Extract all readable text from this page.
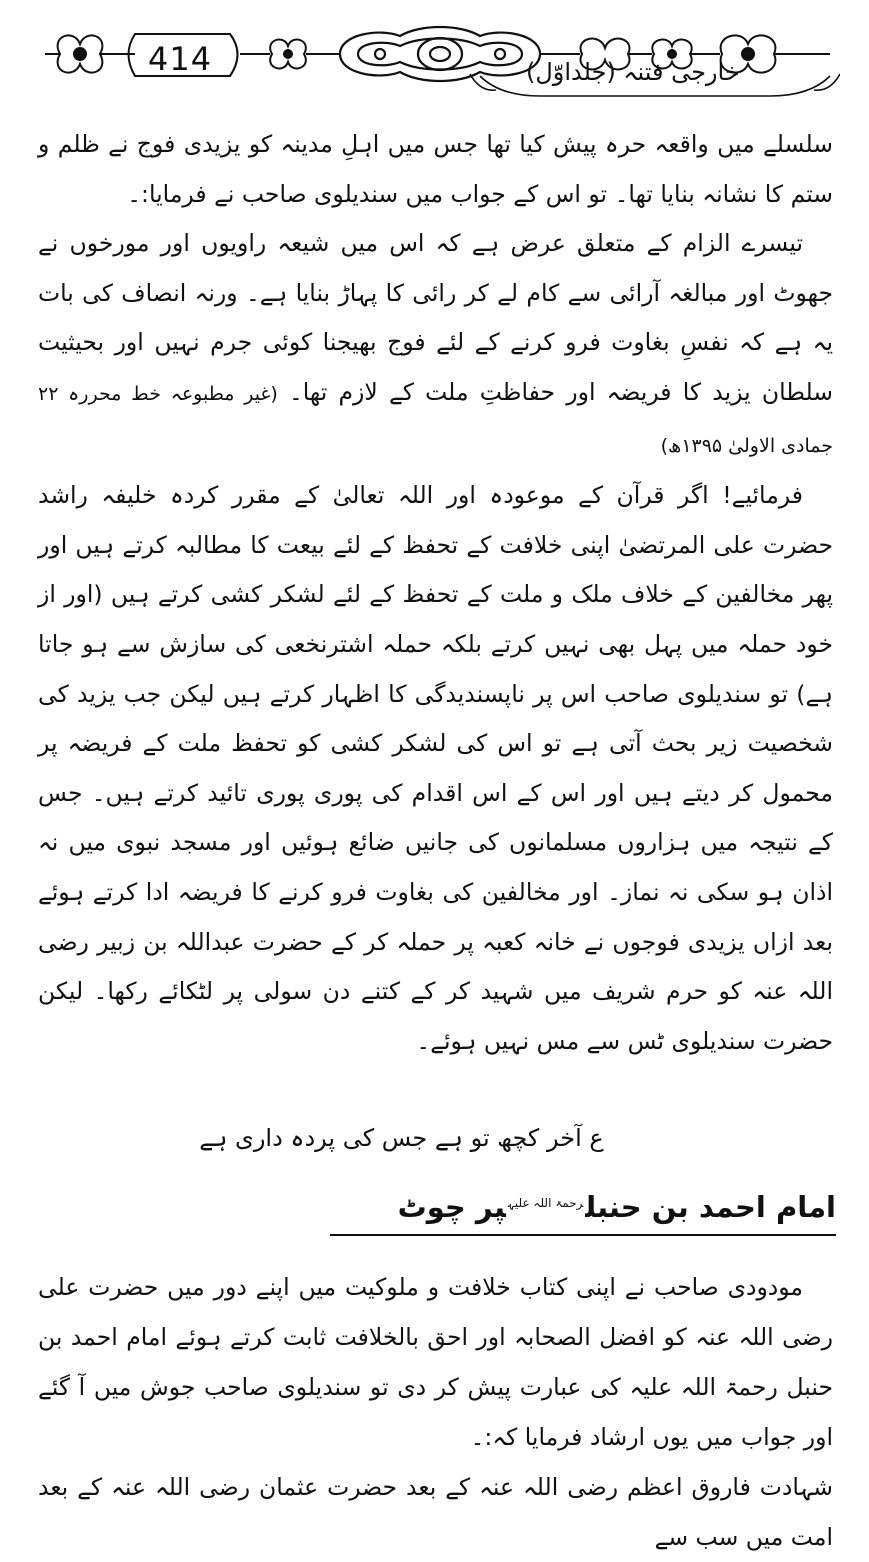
414	خارجی فتنہ (جلداوّل)

سلسلے میں واقعہ حرہ پیش کیا تھا جس میں اہلِ مدینہ کو یزیدی فوج نے ظلم و ستم کا نشانہ بنایا تھا۔ تو اس کے جواب میں سندیلوی صاحب نے فرمایا:۔

تیسرے الزام کے متعلق عرض ہے کہ اس میں شیعہ راویوں اور مورخوں نے جھوٹ اور مبالغہ آرائی سے کام لے کر رائی کا پہاڑ بنایا ہے۔ ورنہ انصاف کی بات یہ ہے کہ نفسِ بغاوت فرو کرنے کے لئے فوج بھیجنا کوئی جرم نہیں اور بحیثیت سلطان یزید کا فریضہ اور حفاظتِ ملت کے لازم تھا۔ (غیر مطبوعہ خط محررہ ۲۲ جمادی الاولیٰ ۱۳۹۵ھ)

فرمائیے! اگر قرآن کے موعودہ اور اللہ تعالیٰ کے مقرر کردہ خلیفہ راشد حضرت علی المرتضیٰ اپنی خلافت کے تحفظ کے لئے بیعت کا مطالبہ کرتے ہیں اور پھر مخالفین کے خلاف ملک و ملت کے تحفظ کے لئے لشکر کشی کرتے ہیں (اور از خود حملہ میں پہل بھی نہیں کرتے بلکہ حملہ اشترنخعی کی سازش سے ہو جاتا ہے) تو سندیلوی صاحب اس پر ناپسندیدگی کا اظہار کرتے ہیں لیکن جب یزید کی شخصیت زیر بحث آتی ہے تو اس کی لشکر کشی کو تحفظ ملت کے فریضہ پر محمول کر دیتے ہیں اور اس کے اس اقدام کی پوری پوری تائید کرتے ہیں۔ جس کے نتیجہ میں ہزاروں مسلمانوں کی جانیں ضائع ہوئیں اور مسجد نبوی میں نہ اذان ہو سکی نہ نماز۔ اور مخالفین کی بغاوت فرو کرنے کا فریضہ ادا کرتے ہوئے بعد ازاں یزیدی فوجوں نے خانہ کعبہ پر حملہ کر کے حضرت عبداللہ بن زبیر رضی اللہ عنہ کو حرم شریف میں شہید کر کے کتنے دن سولی پر لٹکائے رکھا۔ لیکن حضرت سندیلوی ٹس سے مس نہیں ہوئے۔

ع آخر کچھ تو ہے جس کی پردہ داری ہے
امام احمد بن حنبل$^{رحمۃ اللہ علیہ}$پر چوٹ

مودودی صاحب نے اپنی کتاب خلافت و ملوکیت میں اپنے دور میں حضرت علی رضی اللہ عنہ کو افضل الصحابہ اور احق بالخلافت ثابت کرتے ہوئے امام احمد بن حنبل رحمۃ اللہ علیہ کی عبارت پیش کر دی تو سندیلوی صاحب جوش میں آ گئے اور جواب میں یوں ارشاد فرمایا کہ:۔

شہادت فاروق اعظم رضی اللہ عنہ کے بعد حضرت عثمان رضی اللہ عنہ کے بعد امت میں سب سے
